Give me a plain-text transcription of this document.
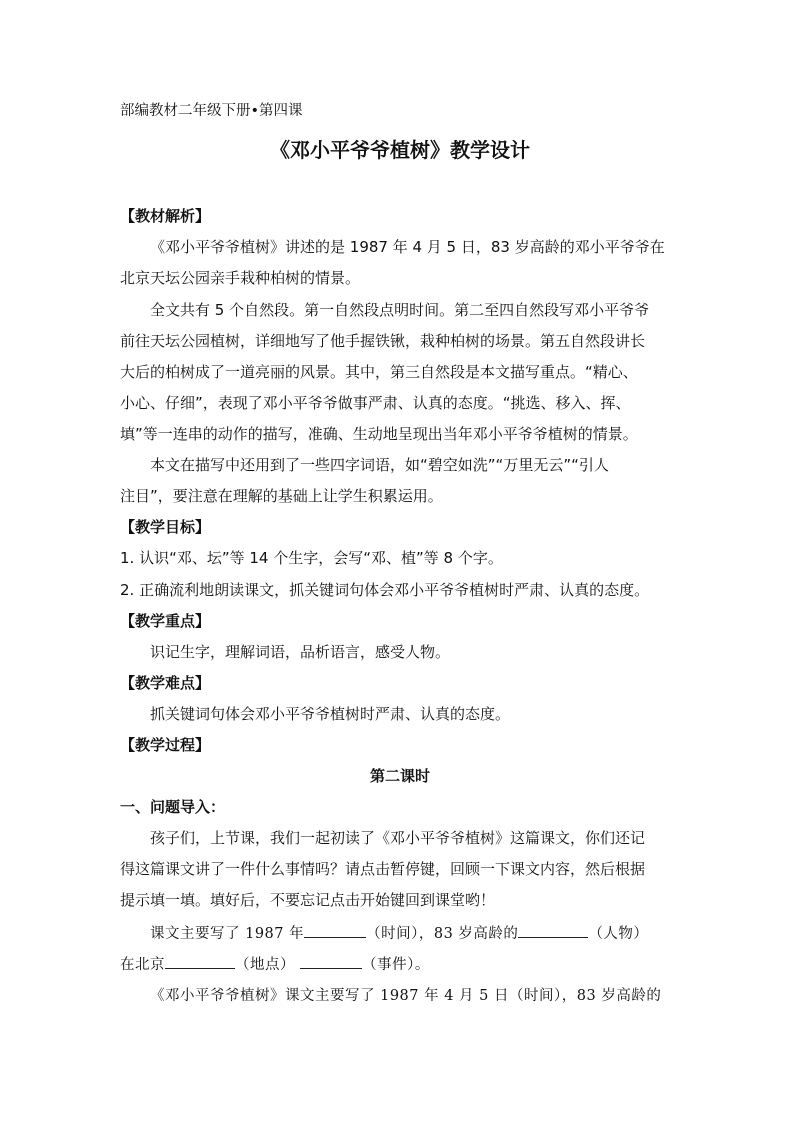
部编教材二年级下册•第四课
《邓小平爷爷植树》教学设计
【教材解析】
《邓小平爷爷植树》讲述的是 1987 年 4 月 5 日，83 岁高龄的邓小平爷爷在
北京天坛公园亲手栽种柏树的情景。
全文共有 5 个自然段。第一自然段点明时间。第二至四自然段写邓小平爷爷
前往天坛公园植树，详细地写了他手握铁锹，栽种柏树的场景。第五自然段讲长
大后的柏树成了一道亮丽的风景。其中，第三自然段是本文描写重点。“精心、
小心、仔细”，表现了邓小平爷爷做事严肃、认真的态度。“挑选、移入、挥、
填”等一连串的动作的描写，准确、生动地呈现出当年邓小平爷爷植树的情景。
本文在描写中还用到了一些四字词语，如“碧空如洗”“万里无云”“引人
注目”，要注意在理解的基础上让学生积累运用。
【教学目标】
1. 认识“邓、坛”等 14 个生字，会写“邓、植”等 8 个字。
2. 正确流利地朗读课文，抓关键词句体会邓小平爷爷植树时严肃、认真的态度。
【教学重点】
识记生字，理解词语，品析语言，感受人物。
【教学难点】
抓关键词句体会邓小平爷爷植树时严肃、认真的态度。
【教学过程】
第二课时
一、问题导入：
孩子们，上节课，我们一起初读了《邓小平爷爷植树》这篇课文，你们还记
得这篇课文讲了一件什么事情吗？请点击暂停键，回顾一下课文内容，然后根据
提示填一填。填好后，不要忘记点击开始键回到课堂哟！
课文主要写了 1987 年	（时间），83 岁高龄的	（人物）
在北京	（地点）	（事件）。
《邓小平爷爷植树》课文主要写了 1987 年 4 月 5 日（时间），83 岁高龄的
